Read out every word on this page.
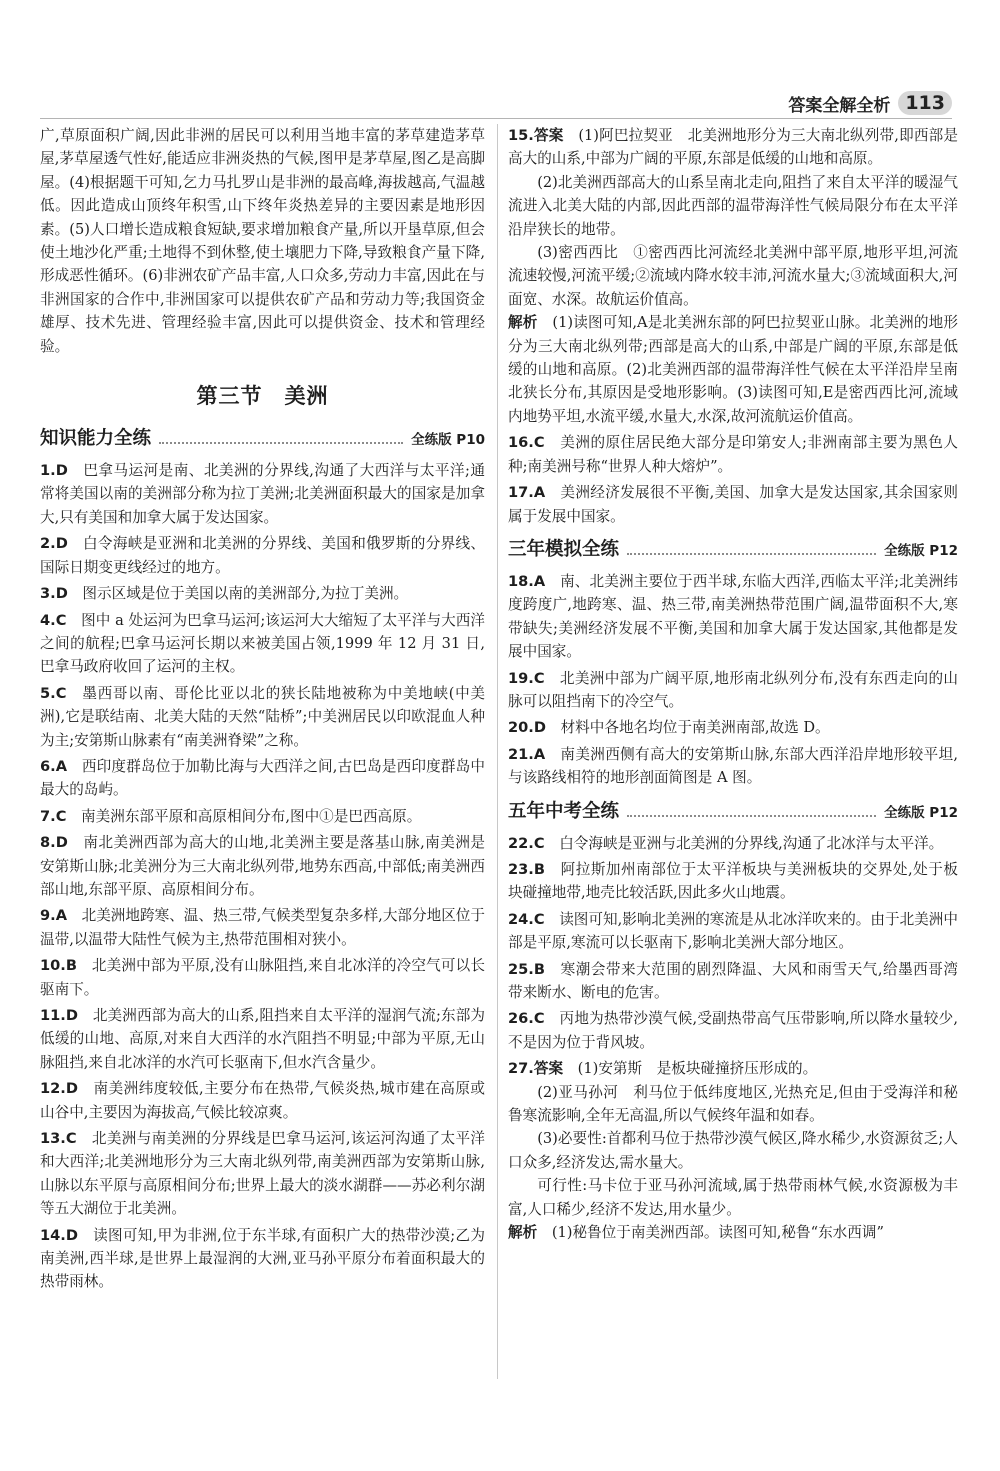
答案全解全析 113

广,草原面积广阔,因此非洲的居民可以利用当地丰富的茅草建造茅草屋,茅草屋透气性好,能适应非洲炎热的气候,图甲是茅草屋,图乙是高脚屋。(4)根据题干可知,乞力马扎罗山是非洲的最高峰,海拔越高,气温越低。因此造成山顶终年积雪,山下终年炎热差异的主要因素是地形因素。(5)人口增长造成粮食短缺,要求增加粮食产量,所以开垦草原,但会使土地沙化严重;土地得不到休整,使土壤肥力下降,导致粮食产量下降,形成恶性循环。(6)非洲农矿产品丰富,人口众多,劳动力丰富,因此在与非洲国家的合作中,非洲国家可以提供农矿产品和劳动力等;我国资金雄厚、技术先进、管理经验丰富,因此可以提供资金、技术和管理经验。

第三节　美洲
知识能力全练	全练版 P10

1.D　 巴拿马运河是南、北美洲的分界线,沟通了大西洋与太平洋;通常将美国以南的美洲部分称为拉丁美洲;北美洲面积最大的国家是加拿大,只有美国和加拿大属于发达国家。

2.D　 白令海峡是亚洲和北美洲的分界线、美国和俄罗斯的分界线、国际日期变更线经过的地方。

3.D　 图示区域是位于美国以南的美洲部分,为拉丁美洲。

4.C　 图中 a 处运河为巴拿马运河;该运河大大缩短了太平洋与大西洋之间的航程;巴拿马运河长期以来被美国占领,1999 年 12 月 31 日,巴拿马政府收回了运河的主权。

5.C　 墨西哥以南、哥伦比亚以北的狭长陆地被称为中美地峡(中美洲),它是联结南、北美大陆的天然“陆桥”;中美洲居民以印欧混血人种为主;安第斯山脉素有“南美洲脊梁”之称。

6.A　 西印度群岛位于加勒比海与大西洋之间,古巴岛是西印度群岛中最大的岛屿。

7.C　 南美洲东部平原和高原相间分布,图中①是巴西高原。

8.D　 南北美洲西部为高大的山地,北美洲主要是落基山脉,南美洲是安第斯山脉;北美洲分为三大南北纵列带,地势东西高,中部低;南美洲西部山地,东部平原、高原相间分布。

9.A　 北美洲地跨寒、温、热三带,气候类型复杂多样,大部分地区位于温带,以温带大陆性气候为主,热带范围相对狭小。

10.B　 北美洲中部为平原,没有山脉阻挡,来自北冰洋的冷空气可以长驱南下。

11.D　 北美洲西部为高大的山系,阻挡来自太平洋的湿润气流;东部为低缓的山地、高原,对来自大西洋的水汽阻挡不明显;中部为平原,无山脉阻挡,来自北冰洋的水汽可长驱南下,但水汽含量少。

12.D　 南美洲纬度较低,主要分布在热带,气候炎热,城市建在高原或山谷中,主要因为海拔高,气候比较凉爽。

13.C　 北美洲与南美洲的分界线是巴拿马运河,该运河沟通了太平洋和大西洋;北美洲地形分为三大南北纵列带,南美洲西部为安第斯山脉,山脉以东平原与高原相间分布;世界上最大的淡水湖群——苏必利尔湖等五大湖位于北美洲。

14.D　 读图可知,甲为非洲,位于东半球,有面积广大的热带沙漠;乙为南美洲,西半球,是世界上最湿润的大洲,亚马孙平原分布着面积最大的热带雨林。

15.答案　 (1)阿巴拉契亚　北美洲地形分为三大南北纵列带,即西部是高大的山系,中部为广阔的平原,东部是低缓的山地和高原。

(2)北美洲西部高大的山系呈南北走向,阻挡了来自太平洋的暖湿气流进入北美大陆的内部,因此西部的温带海洋性气候局限分布在太平洋沿岸狭长的地带。

(3)密西西比　①密西西比河流经北美洲中部平原,地形平坦,河流流速较慢,河流平缓;②流域内降水较丰沛,河流水量大;③流域面积大,河面宽、水深。故航运价值高。

解析　 (1)读图可知,A是北美洲东部的阿巴拉契亚山脉。北美洲的地形分为三大南北纵列带;西部是高大的山系,中部是广阔的平原,东部是低缓的山地和高原。(2)北美洲西部的温带海洋性气候在太平洋沿岸呈南北狭长分布,其原因是受地形影响。(3)读图可知,E是密西西比河,流域内地势平坦,水流平缓,水量大,水深,故河流航运价值高。

16.C　 美洲的原住居民绝大部分是印第安人;非洲南部主要为黑色人种;南美洲号称“世界人种大熔炉”。

17.A　 美洲经济发展很不平衡,美国、加拿大是发达国家,其余国家则属于发展中国家。

三年模拟全练	全练版 P12

18.A　 南、北美洲主要位于西半球,东临大西洋,西临太平洋;北美洲纬度跨度广,地跨寒、温、热三带,南美洲热带范围广阔,温带面积不大,寒带缺失;美洲经济发展不平衡,美国和加拿大属于发达国家,其他都是发展中国家。

19.C　 北美洲中部为广阔平原,地形南北纵列分布,没有东西走向的山脉可以阻挡南下的冷空气。

20.D　 材料中各地名均位于南美洲南部,故选 D。

21.A　 南美洲西侧有高大的安第斯山脉,东部大西洋沿岸地形较平坦,与该路线相符的地形剖面简图是 A 图。

五年中考全练	全练版 P12

22.C　 白令海峡是亚洲与北美洲的分界线,沟通了北冰洋与太平洋。

23.B　 阿拉斯加州南部位于太平洋板块与美洲板块的交界处,处于板块碰撞地带,地壳比较活跃,因此多火山地震。

24.C　 读图可知,影响北美洲的寒流是从北冰洋吹来的。由于北美洲中部是平原,寒流可以长驱南下,影响北美洲大部分地区。

25.B　 寒潮会带来大范围的剧烈降温、大风和雨雪天气,给墨西哥湾带来断水、断电的危害。

26.C　 丙地为热带沙漠气候,受副热带高气压带影响,所以降水量较少,不是因为位于背风坡。

27.答案　 (1)安第斯　是板块碰撞挤压形成的。

(2)亚马孙河　利马位于低纬度地区,光热充足,但由于受海洋和秘鲁寒流影响,全年无高温,所以气候终年温和如春。

(3)必要性:首都利马位于热带沙漠气候区,降水稀少,水资源贫乏;人口众多,经济发达,需水量大。

可行性:马卡位于亚马孙河流域,属于热带雨林气候,水资源极为丰富,人口稀少,经济不发达,用水量少。

解析　 (1)秘鲁位于南美洲西部。读图可知,秘鲁“东水西调”
